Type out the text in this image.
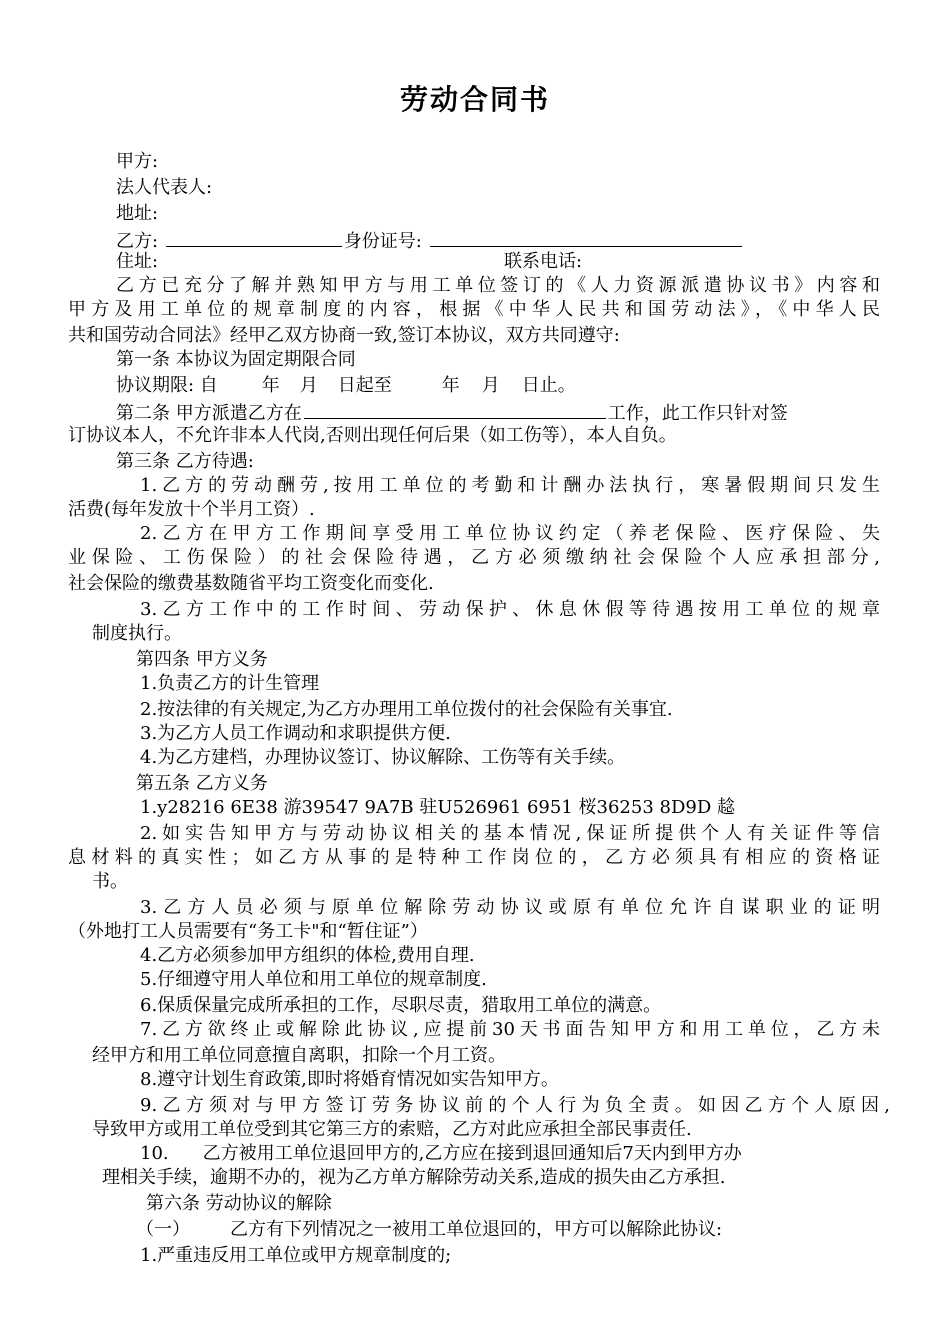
劳动合同书
甲方:
法人代表人:
地址:
乙方:	身份证号:
住址:	联系电话:
乙方已充分了解并熟知甲方与用工单位签订的《人力资源派遣协议书》内容和
甲方及用工单位的规章制度的内容，根据《中华人民共和国劳动法》，《中华人民
共和国劳动合同法》经甲乙双方协商一致,签订本协议，双方共同遵守:
第一条 本协议为固定期限合同
协议期限: 自 年 月 日起至	年 月 日止。
第二条 甲方派遣乙方在	工作，此工作只针对签
订协议本人，不允许非本人代岗,否则出现任何后果（如工伤等），本人自负。
第三条 乙方待遇:
1.乙方的劳动酬劳,按用工单位的考勤和计酬办法执行，寒暑假期间只发生
活费(每年发放十个半月工资）.
2.乙方在甲方工作期间享受用工单位协议约定（养老保险、医疗保险、失
业保险、工伤保险）的社会保险待遇，乙方必须缴纳社会保险个人应承担部分,
社会保险的缴费基数随省平均工资变化而变化.
3.乙方工作中的工作时间、劳动保护、休息休假等待遇按用工单位的规章
制度执行。
第四条 甲方义务
1.负责乙方的计生管理
2.按法律的有关规定,为乙方办理用工单位拨付的社会保险有关事宜.
3.为乙方人员工作调动和求职提供方便.
4.为乙方建档，办理协议签订、协议解除、工伤等有关手续。
第五条 乙方义务
1.y28216 6E38 游39547 9A7B 驻U526961 6951 桜36253 8D9D 趝
2.如实告知甲方与劳动协议相关的基本情况,保证所提供个人有关证件等信
息材料的真实性；如乙方从事的是特种工作岗位的，乙方必须具有相应的资格证
书。
3.乙方人员必须与原单位解除劳动协议或原有单位允许自谋职业的证明
（外地打工人员需要有“务工卡"和“暂住证”）
4.乙方必须参加甲方组织的体检,费用自理.
5.仔细遵守用人单位和用工单位的规章制度.
6.保质保量完成所承担的工作，尽职尽责，猎取用工单位的满意。
7.乙方欲终止或解除此协议,应提前30天书面告知甲方和用工单位，乙方未
经甲方和用工单位同意擅自离职，扣除一个月工资。
8.遵守计划生育政策,即时将婚育情况如实告知甲方。
9.乙方须对与甲方签订劳务协议前的个人行为负全责。如因乙方个人原因,
导致甲方或用工单位受到其它第三方的索赔，乙方对此应承担全部民事责任.
10. 乙方被用工单位退回甲方的,乙方应在接到退回通知后7天内到甲方办
理相关手续，逾期不办的，视为乙方单方解除劳动关系,造成的损失由乙方承担.
第六条 劳动协议的解除
（一） 乙方有下列情况之一被用工单位退回的，甲方可以解除此协议:
1.严重违反用工单位或甲方规章制度的;
